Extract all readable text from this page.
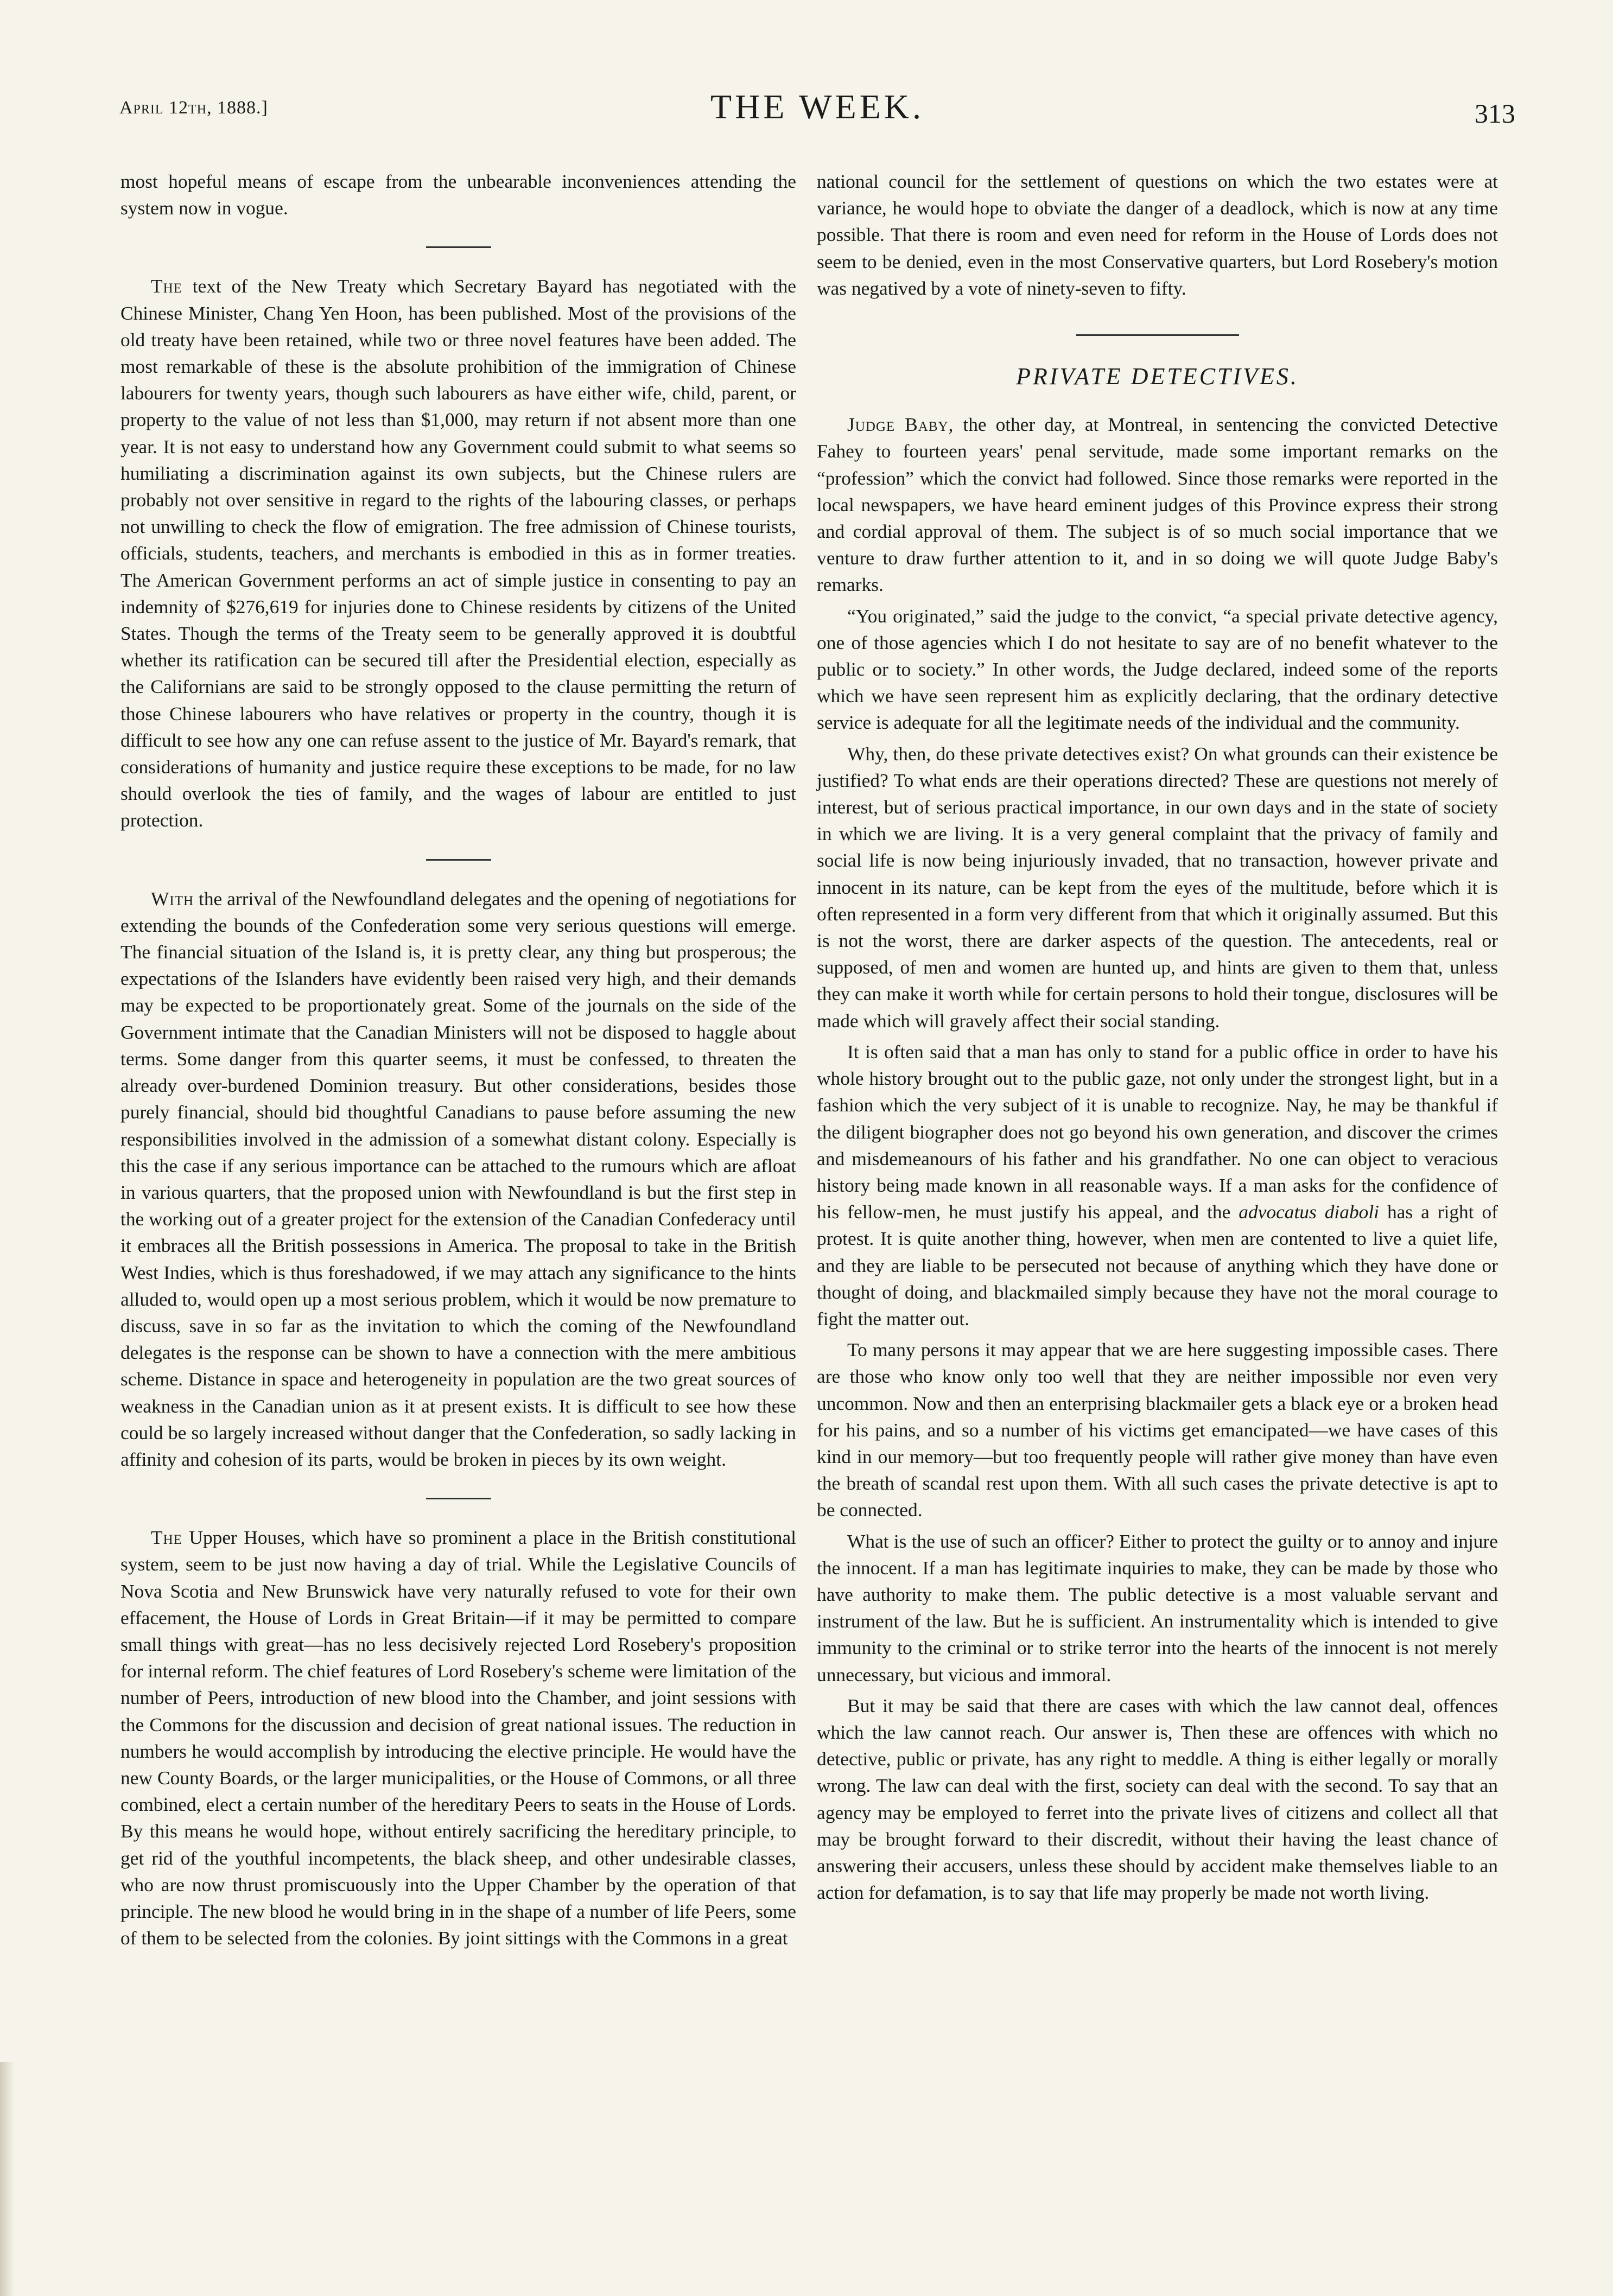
April 12th, 1888.]	THE WEEK.	313

most hopeful means of escape from the unbearable inconveniences attending the system now in vogue.

The text of the New Treaty which Secretary Bayard has negotiated with the Chinese Minister, Chang Yen Hoon, has been published. Most of the provisions of the old treaty have been retained, while two or three novel features have been added. The most remarkable of these is the absolute prohibition of the immigration of Chinese labourers for twenty years, though such labourers as have either wife, child, parent, or property to the value of not less than $1,000, may return if not absent more than one year. It is not easy to understand how any Government could submit to what seems so humiliating a discrimination against its own subjects, but the Chinese rulers are probably not over sensitive in regard to the rights of the labouring classes, or perhaps not unwilling to check the flow of emigration. The free admission of Chinese tourists, officials, students, teachers, and merchants is embodied in this as in former treaties. The American Government performs an act of simple justice in consenting to pay an indemnity of $276,619 for injuries done to Chinese residents by citizens of the United States. Though the terms of the Treaty seem to be generally approved it is doubtful whether its ratification can be secured till after the Presidential election, especially as the Californians are said to be strongly opposed to the clause permitting the return of those Chinese labourers who have relatives or property in the country, though it is difficult to see how any one can refuse assent to the justice of Mr. Bayard's remark, that considerations of humanity and justice require these exceptions to be made, for no law should overlook the ties of family, and the wages of labour are entitled to just protection.

With the arrival of the Newfoundland delegates and the opening of negotiations for extending the bounds of the Confederation some very serious questions will emerge. The financial situation of the Island is, it is pretty clear, any thing but prosperous; the expectations of the Islanders have evidently been raised very high, and their demands may be expected to be proportionately great. Some of the journals on the side of the Government intimate that the Canadian Ministers will not be disposed to haggle about terms. Some danger from this quarter seems, it must be confessed, to threaten the already over-burdened Dominion treasury. But other considerations, besides those purely financial, should bid thoughtful Canadians to pause before assuming the new responsibilities involved in the admission of a somewhat distant colony. Especially is this the case if any serious importance can be attached to the rumours which are afloat in various quarters, that the proposed union with Newfoundland is but the first step in the working out of a greater project for the extension of the Canadian Confederacy until it embraces all the British possessions in America. The proposal to take in the British West Indies, which is thus foreshadowed, if we may attach any significance to the hints alluded to, would open up a most serious problem, which it would be now premature to discuss, save in so far as the invitation to which the coming of the Newfoundland delegates is the response can be shown to have a connection with the mere ambitious scheme. Distance in space and heterogeneity in population are the two great sources of weakness in the Canadian union as it at present exists. It is difficult to see how these could be so largely increased without danger that the Confederation, so sadly lacking in affinity and cohesion of its parts, would be broken in pieces by its own weight.

The Upper Houses, which have so prominent a place in the British constitutional system, seem to be just now having a day of trial. While the Legislative Councils of Nova Scotia and New Brunswick have very naturally refused to vote for their own effacement, the House of Lords in Great Britain—if it may be permitted to compare small things with great—has no less decisively rejected Lord Rosebery's proposition for internal reform. The chief features of Lord Rosebery's scheme were limitation of the number of Peers, introduction of new blood into the Chamber, and joint sessions with the Commons for the discussion and decision of great national issues. The reduction in numbers he would accomplish by introducing the elective principle. He would have the new County Boards, or the larger municipalities, or the House of Commons, or all three combined, elect a certain number of the hereditary Peers to seats in the House of Lords. By this means he would hope, without entirely sacrificing the hereditary principle, to get rid of the youthful incompetents, the black sheep, and other undesirable classes, who are now thrust promiscuously into the Upper Chamber by the operation of that principle. The new blood he would bring in in the shape of a number of life Peers, some of them to be selected from the colonies. By joint sittings with the Commons in a great

national council for the settlement of questions on which the two estates were at variance, he would hope to obviate the danger of a deadlock, which is now at any time possible. That there is room and even need for reform in the House of Lords does not seem to be denied, even in the most Conservative quarters, but Lord Rosebery's motion was negatived by a vote of ninety-seven to fifty.

PRIVATE DETECTIVES.

Judge Baby, the other day, at Montreal, in sentencing the convicted Detective Fahey to fourteen years' penal servitude, made some important remarks on the “profession” which the convict had followed. Since those remarks were reported in the local newspapers, we have heard eminent judges of this Province express their strong and cordial approval of them. The subject is of so much social importance that we venture to draw further attention to it, and in so doing we will quote Judge Baby's remarks.

“You originated,” said the judge to the convict, “a special private detective agency, one of those agencies which I do not hesitate to say are of no benefit whatever to the public or to society.” In other words, the Judge declared, indeed some of the reports which we have seen represent him as explicitly declaring, that the ordinary detective service is adequate for all the legitimate needs of the individual and the community.

Why, then, do these private detectives exist? On what grounds can their existence be justified? To what ends are their operations directed? These are questions not merely of interest, but of serious practical importance, in our own days and in the state of society in which we are living. It is a very general complaint that the privacy of family and social life is now being injuriously invaded, that no transaction, however private and innocent in its nature, can be kept from the eyes of the multitude, before which it is often represented in a form very different from that which it originally assumed. But this is not the worst, there are darker aspects of the question. The antecedents, real or supposed, of men and women are hunted up, and hints are given to them that, unless they can make it worth while for certain persons to hold their tongue, disclosures will be made which will gravely affect their social standing.

It is often said that a man has only to stand for a public office in order to have his whole history brought out to the public gaze, not only under the strongest light, but in a fashion which the very subject of it is unable to recognize. Nay, he may be thankful if the diligent biographer does not go beyond his own generation, and discover the crimes and misdemeanours of his father and his grandfather. No one can object to veracious history being made known in all reasonable ways. If a man asks for the confidence of his fellow-men, he must justify his appeal, and the advocatus diaboli has a right of protest. It is quite another thing, however, when men are contented to live a quiet life, and they are liable to be persecuted not because of anything which they have done or thought of doing, and blackmailed simply because they have not the moral courage to fight the matter out.

To many persons it may appear that we are here suggesting impossible cases. There are those who know only too well that they are neither impossible nor even very uncommon. Now and then an enterprising blackmailer gets a black eye or a broken head for his pains, and so a number of his victims get emancipated—we have cases of this kind in our memory—but too frequently people will rather give money than have even the breath of scandal rest upon them. With all such cases the private detective is apt to be connected.

What is the use of such an officer? Either to protect the guilty or to annoy and injure the innocent. If a man has legitimate inquiries to make, they can be made by those who have authority to make them. The public detective is a most valuable servant and instrument of the law. But he is sufficient. An instrumentality which is intended to give immunity to the criminal or to strike terror into the hearts of the innocent is not merely unnecessary, but vicious and immoral.

But it may be said that there are cases with which the law cannot deal, offences which the law cannot reach. Our answer is, Then these are offences with which no detective, public or private, has any right to meddle. A thing is either legally or morally wrong. The law can deal with the first, society can deal with the second. To say that an agency may be employed to ferret into the private lives of citizens and collect all that may be brought forward to their discredit, without their having the least chance of answering their accusers, unless these should by accident make themselves liable to an action for defamation, is to say that life may properly be made not worth living.
